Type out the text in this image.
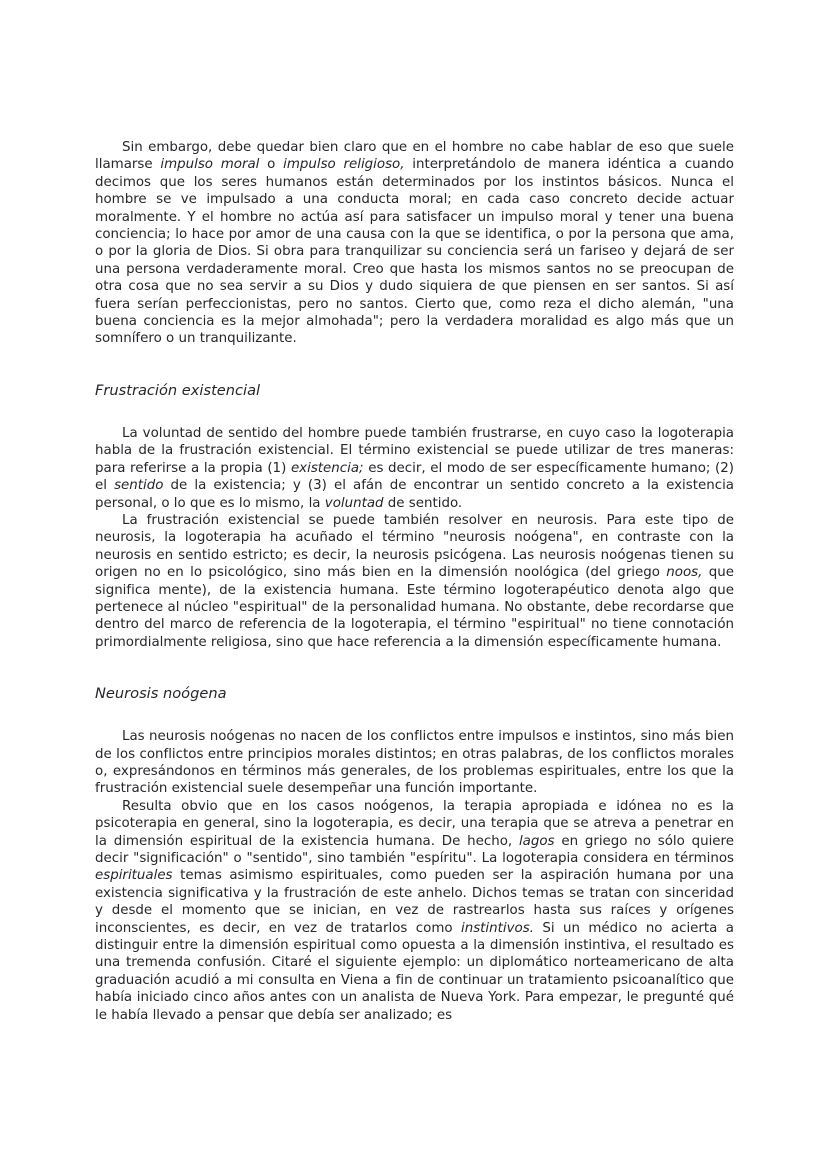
Sin embargo, debe quedar bien claro que en el hombre no cabe hablar de eso que suele llamarse impulso moral o impulso religioso, interpretándolo de manera idéntica a cuando decimos que los seres humanos están determinados por los instintos básicos. Nunca el hombre se ve impulsado a una conducta moral; en cada caso concreto decide actuar moralmente. Y el hombre no actúa así para satisfacer un impulso moral y tener una buena conciencia; lo hace por amor de una causa con la que se identifica, o por la persona que ama, o por la gloria de Dios. Si obra para tranquilizar su conciencia será un fariseo y dejará de ser una persona verdaderamente moral. Creo que hasta los mismos santos no se preocupan de otra cosa que no sea servir a su Dios y dudo siquiera de que piensen en ser santos. Si así fuera serían perfeccionistas, pero no santos. Cierto que, como reza el dicho alemán, "una buena conciencia es la mejor almohada"; pero la verdadera moralidad es algo más que un somnífero o un tranquilizante.

Frustración existencial

La voluntad de sentido del hombre puede también frustrarse, en cuyo caso la logoterapia habla de la frustración existencial. El término existencial se puede utilizar de tres maneras: para referirse a la propia (1) existencia; es decir, el modo de ser específicamente humano; (2) el sentido de la existencia; y (3) el afán de encontrar un sentido concreto a la existencia personal, o lo que es lo mismo, la voluntad de sentido.

La frustración existencial se puede también resolver en neurosis. Para este tipo de neurosis, la logoterapia ha acuñado el término "neurosis noógena", en contraste con la neurosis en sentido estricto; es decir, la neurosis psicógena. Las neurosis noógenas tienen su origen no en lo psicológico, sino más bien en la dimensión noológica (del griego noos, que significa mente), de la existencia humana. Este término logoterapéutico denota algo que pertenece al núcleo "espiritual" de la personalidad humana. No obstante, debe recordarse que dentro del marco de referencia de la logoterapia, el término "espiritual" no tiene connotación primordialmente religiosa, sino que hace referencia a la dimensión específicamente humana.

Neurosis noógena

Las neurosis noógenas no nacen de los conflictos entre impulsos e instintos, sino más bien de los conflictos entre principios morales distintos; en otras palabras, de los conflictos morales o, expresándonos en términos más generales, de los problemas espirituales, entre los que la frustración existencial suele desempeñar una función importante.

Resulta obvio que en los casos noógenos, la terapia apropiada e idónea no es la psicoterapia en general, sino la logoterapia, es decir, una terapia que se atreva a penetrar en la dimensión espiritual de la existencia humana. De hecho, lagos en griego no sólo quiere decir "significación" o "sentido", sino también "espíritu". La logoterapia considera en términos espirituales temas asimismo espirituales, como pueden ser la aspiración humana por una existencia significativa y la frustración de este anhelo. Dichos temas se tratan con sinceridad y desde el momento que se inician, en vez de rastrearlos hasta sus raíces y orígenes inconscientes, es decir, en vez de tratarlos como instintivos. Si un médico no acierta a distinguir entre la dimensión espiritual como opuesta a la dimensión instintiva, el resultado es una tremenda confusión. Citaré el siguiente ejemplo: un diplomático norteamericano de alta graduación acudió a mi consulta en Viena a fin de continuar un tratamiento psicoanalítico que había iniciado cinco años antes con un analista de Nueva York. Para empezar, le pregunté qué le había llevado a pensar que debía ser analizado; es
